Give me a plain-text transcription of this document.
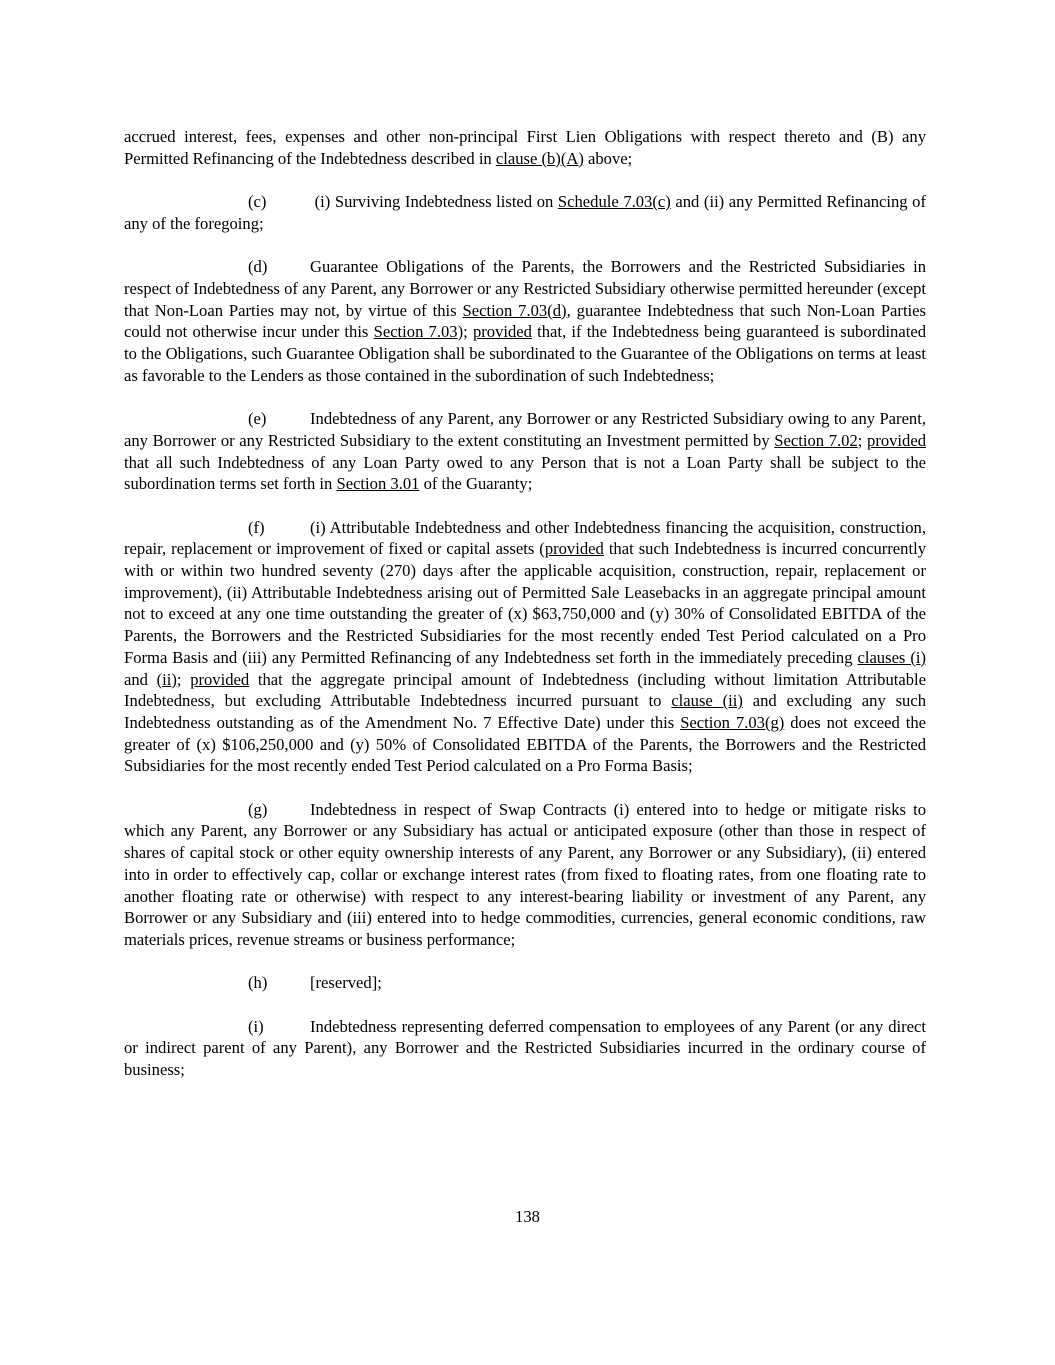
accrued interest, fees, expenses and other non-principal First Lien Obligations with respect thereto and (B) any Permitted Refinancing of the Indebtedness described in clause (b)(A) above;

(c)	(i) Surviving Indebtedness listed on Schedule 7.03(c) and (ii) any Permitted Refinancing of any of the foregoing;

(d)	Guarantee Obligations of the Parents, the Borrowers and the Restricted Subsidiaries in respect of Indebtedness of any Parent, any Borrower or any Restricted Subsidiary otherwise permitted hereunder (except that Non-Loan Parties may not, by virtue of this Section 7.03(d), guarantee Indebtedness that such Non-Loan Parties could not otherwise incur under this Section 7.03); provided that, if the Indebtedness being guaranteed is subordinated to the Obligations, such Guarantee Obligation shall be subordinated to the Guarantee of the Obligations on terms at least as favorable to the Lenders as those contained in the subordination of such Indebtedness;

(e)	Indebtedness of any Parent, any Borrower or any Restricted Subsidiary owing to any Parent, any Borrower or any Restricted Subsidiary to the extent constituting an Investment permitted by Section 7.02; provided that all such Indebtedness of any Loan Party owed to any Person that is not a Loan Party shall be subject to the subordination terms set forth in Section 3.01 of the Guaranty;

(f)	(i) Attributable Indebtedness and other Indebtedness financing the acquisition, construction, repair, replacement or improvement of fixed or capital assets (provided that such Indebtedness is incurred concurrently with or within two hundred seventy (270) days after the applicable acquisition, construction, repair, replacement or improvement), (ii) Attributable Indebtedness arising out of Permitted Sale Leasebacks in an aggregate principal amount not to exceed at any one time outstanding the greater of (x) $63,750,000 and (y) 30% of Consolidated EBITDA of the Parents, the Borrowers and the Restricted Subsidiaries for the most recently ended Test Period calculated on a Pro Forma Basis and (iii) any Permitted Refinancing of any Indebtedness set forth in the immediately preceding clauses (i) and (ii); provided that the aggregate principal amount of Indebtedness (including without limitation Attributable Indebtedness, but excluding Attributable Indebtedness incurred pursuant to clause (ii) and excluding any such Indebtedness outstanding as of the Amendment No. 7 Effective Date) under this Section 7.03(g) does not exceed the greater of (x) $106,250,000 and (y) 50% of Consolidated EBITDA of the Parents, the Borrowers and the Restricted Subsidiaries for the most recently ended Test Period calculated on a Pro Forma Basis;

(g)	Indebtedness in respect of Swap Contracts (i) entered into to hedge or mitigate risks to which any Parent, any Borrower or any Subsidiary has actual or anticipated exposure (other than those in respect of shares of capital stock or other equity ownership interests of any Parent, any Borrower or any Subsidiary), (ii) entered into in order to effectively cap, collar or exchange interest rates (from fixed to floating rates, from one floating rate to another floating rate or otherwise) with respect to any interest-bearing liability or investment of any Parent, any Borrower or any Subsidiary and (iii) entered into to hedge commodities, currencies, general economic conditions, raw materials prices, revenue streams or business performance;

(h)	[reserved];

(i)	Indebtedness representing deferred compensation to employees of any Parent (or any direct or indirect parent of any Parent), any Borrower and the Restricted Subsidiaries incurred in the ordinary course of business;

138
